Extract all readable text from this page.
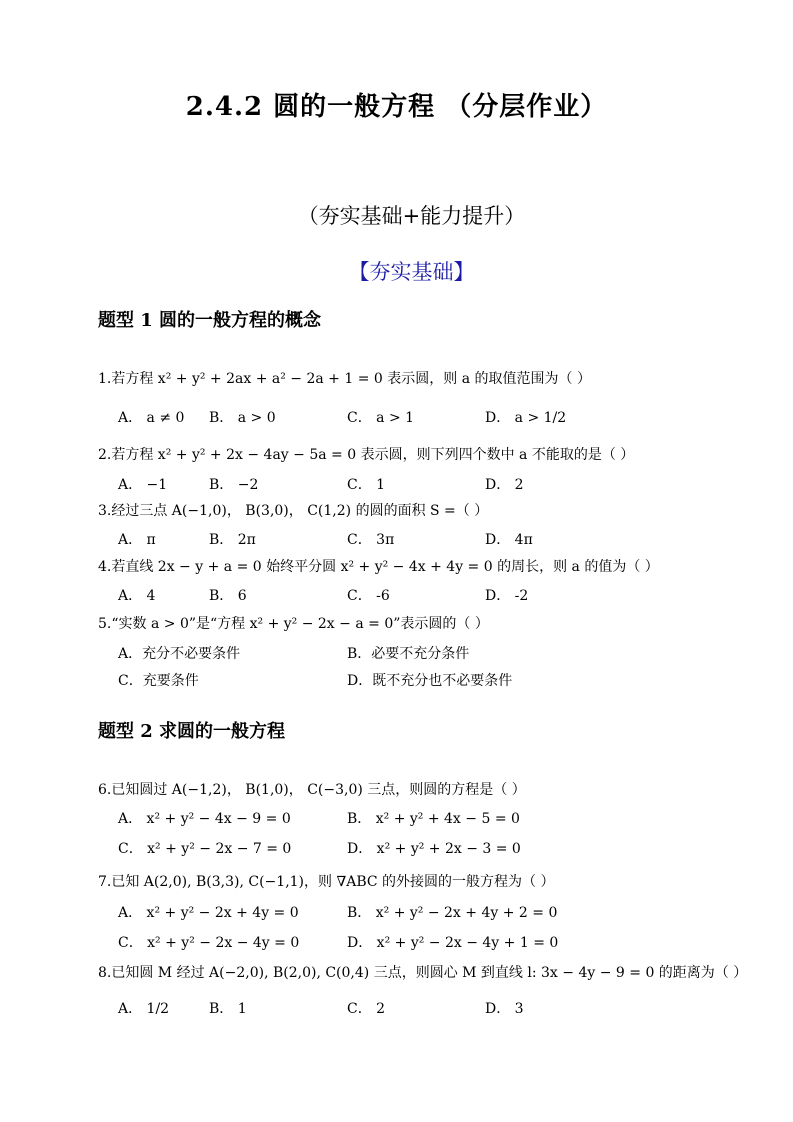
2.4.2 圆的一般方程 （分层作业）
（夯实基础+能力提升）
【夯实基础】
题型 1 圆的一般方程的概念
1.若方程 x² + y² + 2ax + a² − 2a + 1 = 0 表示圆，则 a 的取值范围为（ ）
A． a ≠ 0 B． a > 0	C． a > 1	D． a > 1/2
2.若方程 x² + y² + 2x − 4ay − 5a = 0 表示圆，则下列四个数中 a 不能取的是（ ）
A． −1	B． −2	C． 1	D． 2
3.经过三点 A(−1,0)， B(3,0)， C(1,2) 的圆的面积 S =（ ）
A． π	B． 2π	C． 3π	D． 4π
4.若直线 2x − y + a = 0 始终平分圆 x² + y² − 4x + 4y = 0 的周长，则 a 的值为（ ）
A． 4	B． 6	C． -6	D． -2
5.“实数 a > 0”是“方程 x² + y² − 2x − a = 0”表示圆的（ ）
A．充分不必要条件	B．必要不充分条件
C．充要条件	D．既不充分也不必要条件
题型 2 求圆的一般方程
6.已知圆过 A(−1,2)， B(1,0)， C(−3,0) 三点，则圆的方程是（ ）
A． x² + y² − 4x − 9 = 0	B． x² + y² + 4x − 5 = 0
C． x² + y² − 2x − 7 = 0	D． x² + y² + 2x − 3 = 0
7.已知 A(2,0), B(3,3), C(−1,1)，则 ∇ABC 的外接圆的一般方程为（ ）
A． x² + y² − 2x + 4y = 0	B． x² + y² − 2x + 4y + 2 = 0
C． x² + y² − 2x − 4y = 0	D． x² + y² − 2x − 4y + 1 = 0
8.已知圆 M 经过 A(−2,0), B(2,0), C(0,4) 三点，则圆心 M 到直线 l: 3x − 4y − 9 = 0 的距离为（ ）
A． 1/2	B． 1	C． 2	D． 3
